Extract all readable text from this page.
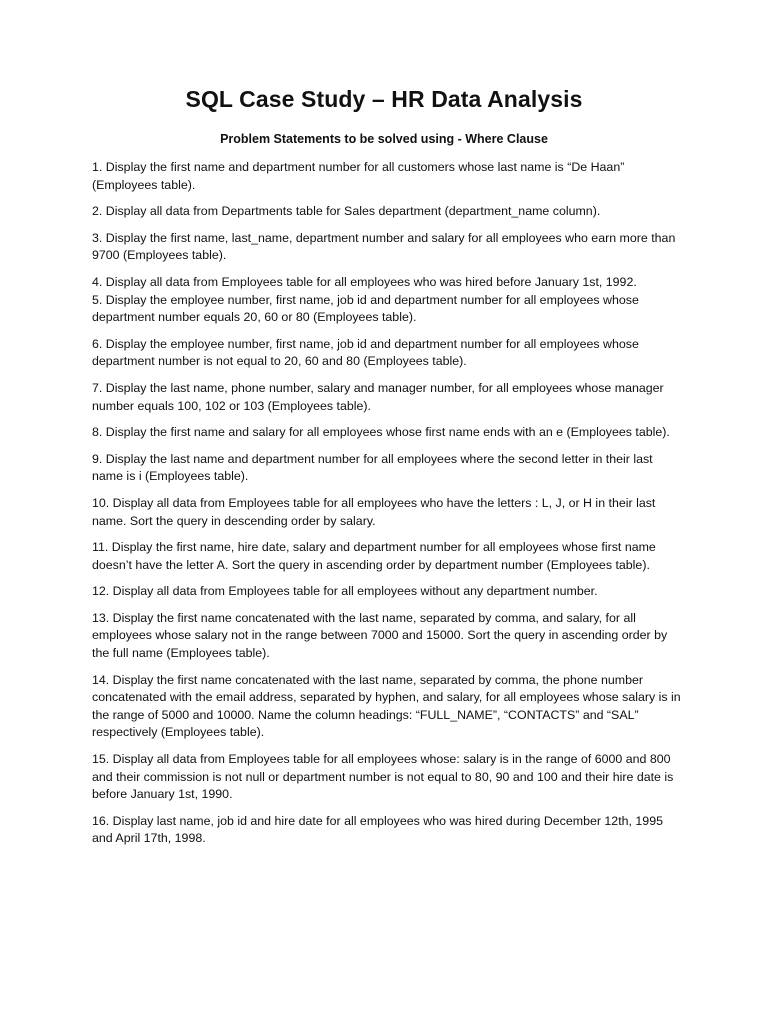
SQL Case Study – HR Data Analysis
Problem Statements to be solved using - Where Clause

1. Display the first name and department number for all customers whose last name is “De Haan” (Employees table).

2. Display all data from Departments table for Sales department (department_name column).

3. Display the first name, last_name, department number and salary for all employees who earn more than 9700 (Employees table).

4. Display all data from Employees table for all employees who was hired before January 1st, 1992.

5. Display the employee number, first name, job id and department number for all employees whose department number equals 20, 60 or 80 (Employees table).

6. Display the employee number, first name, job id and department number for all employees whose department number is not equal to 20, 60 and 80 (Employees table).

7. Display the last name, phone number, salary and manager number, for all employees whose manager number equals 100, 102 or 103 (Employees table).

8. Display the first name and salary for all employees whose first name ends with an e (Employees table).

9. Display the last name and department number for all employees where the second letter in their last name is i (Employees table).

10. Display all data from Employees table for all employees who have the letters : L, J, or H in their last name. Sort the query in descending order by salary.

11. Display the first name, hire date, salary and department number for all employees whose first name doesn’t have the letter A. Sort the query in ascending order by department number (Employees table).

12. Display all data from Employees table for all employees without any department number.

13. Display the first name concatenated with the last name, separated by comma, and salary, for all employees whose salary not in the range between 7000 and 15000. Sort the query in ascending order by the full name (Employees table).

14. Display the first name concatenated with the last name, separated by comma, the phone number concatenated with the email address, separated by hyphen, and salary, for all employees whose salary is in the range of 5000 and 10000. Name the column headings: “FULL_NAME”, “CONTACTS” and “SAL” respectively (Employees table).

15. Display all data from Employees table for all employees whose: salary is in the range of 6000 and 800 and their commission is not null or department number is not equal to 80, 90 and 100 and their hire date is before January 1st, 1990.

16. Display last name, job id and hire date for all employees who was hired during December 12th, 1995 and April 17th, 1998.
